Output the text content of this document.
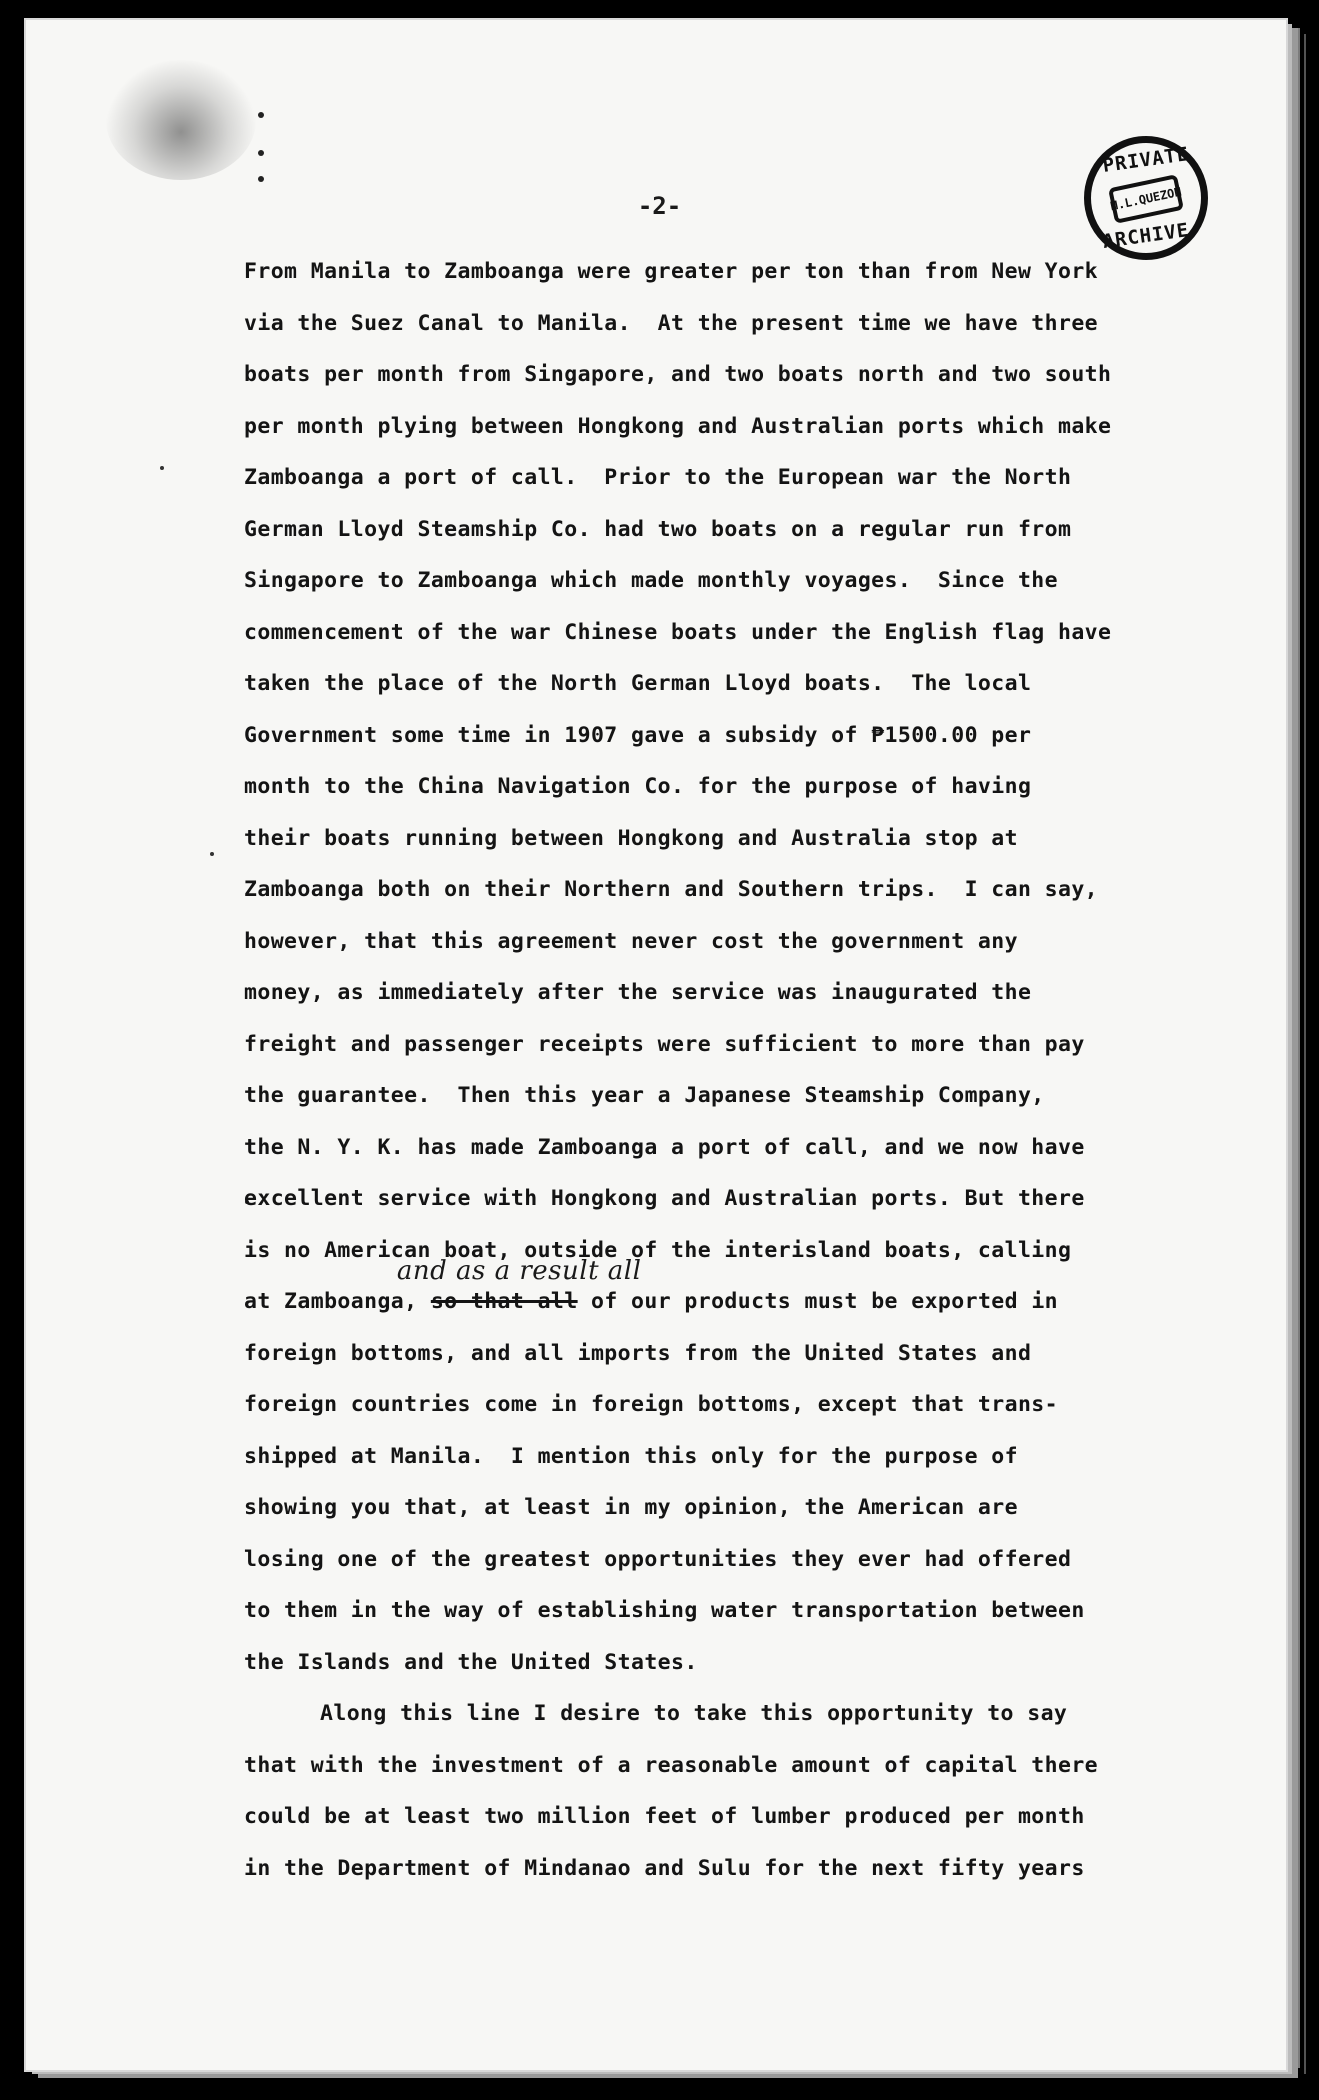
PRIVATE
M.L.QUEZON
ARCHIVE
-2-
From Manila to Zamboanga were greater per ton than from New York
via the Suez Canal to Manila.  At the present time we have three
boats per month from Singapore, and two boats north and two south
per month plying between Hongkong and Australian ports which make
Zamboanga a port of call.  Prior to the European war the North
German Lloyd Steamship Co. had two boats on a regular run from
Singapore to Zamboanga which made monthly voyages.  Since the
commencement of the war Chinese boats under the English flag have
taken the place of the North German Lloyd boats.  The local
Government some time in 1907 gave a subsidy of ₱1500.00 per
month to the China Navigation Co. for the purpose of having
their boats running between Hongkong and Australia stop at
Zamboanga both on their Northern and Southern trips.  I can say,
however, that this agreement never cost the government any
money, as immediately after the service was inaugurated the
freight and passenger receipts were sufficient to more than pay
the guarantee.  Then this year a Japanese Steamship Company,
the N. Y. K. has made Zamboanga a port of call, and we now have
excellent service with Hongkong and Australian ports. But there
is no American boat, outside of the interisland boats, calling
at Zamboanga,
and as a result all
so that all of our products must be exported in
foreign bottoms, and all imports from the United States and
foreign countries come in foreign bottoms, except that trans-
shipped at Manila.  I mention this only for the purpose of
showing you that, at least in my opinion, the American are
losing one of the greatest opportunities they ever had offered
to them in the way of establishing water transportation between
the Islands and the United States.
Along this line I desire to take this opportunity to say
that with the investment of a reasonable amount of capital there
could be at least two million feet of lumber produced per month
in the Department of Mindanao and Sulu for the next fifty years
